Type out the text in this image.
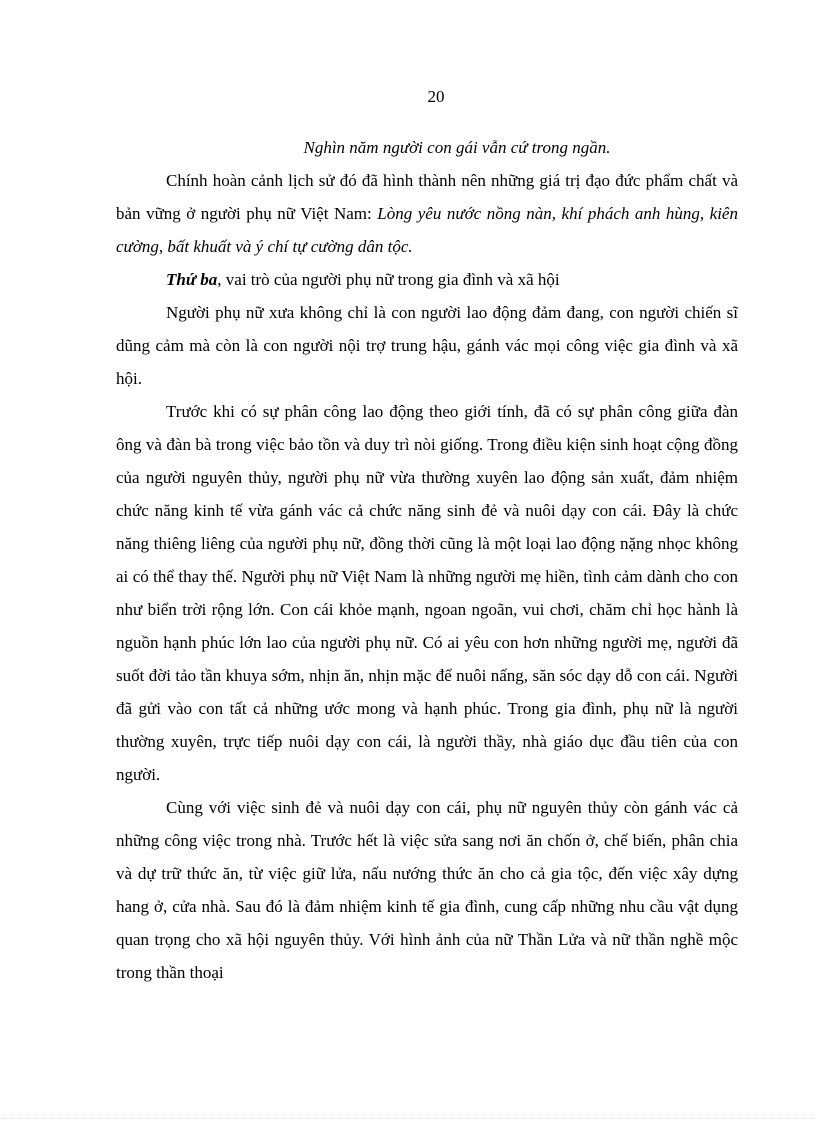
20

Nghìn năm người con gái vẫn cứ trong ngần.

Chính hoàn cảnh lịch sử đó đã hình thành nên những giá trị đạo đức phẩm chất và bản vững ở người phụ nữ Việt Nam: Lòng yêu nước nồng nàn, khí phách anh hùng, kiên cường, bất khuất và ý chí tự cường dân tộc.

Thứ ba, vai trò của người phụ nữ trong gia đình và xã hội

Người phụ nữ xưa không chỉ là con người lao động đảm đang, con người chiến sĩ dũng cảm mà còn là con người nội trợ trung hậu, gánh vác mọi công việc gia đình và xã hội.

Trước khi có sự phân công lao động theo giới tính, đã có sự phân công giữa đàn ông và đàn bà trong việc bảo tồn và duy trì nòi giống. Trong điều kiện sinh hoạt cộng đồng của người nguyên thủy, người phụ nữ vừa thường xuyên lao động sản xuất, đảm nhiệm chức năng kinh tế vừa gánh vác cả chức năng sinh đẻ và nuôi dạy con cái. Đây là chức năng thiêng liêng của người phụ nữ, đồng thời cũng là một loại lao động nặng nhọc không ai có thể thay thế. Người phụ nữ Việt Nam là những người mẹ hiền, tình cảm dành cho con như biển trời rộng lớn. Con cái khỏe mạnh, ngoan ngoãn, vui chơi, chăm chỉ học hành là nguồn hạnh phúc lớn lao của người phụ nữ. Có ai yêu con hơn những người mẹ, người đã suốt đời tảo tần khuya sớm, nhịn ăn, nhịn mặc để nuôi nấng, săn sóc dạy dỗ con cái. Người đã gửi vào con tất cả những ước mong và hạnh phúc. Trong gia đình, phụ nữ là người thường xuyên, trực tiếp nuôi dạy con cái, là người thầy, nhà giáo dục đầu tiên của con người.

Cùng với việc sinh đẻ và nuôi dạy con cái, phụ nữ nguyên thủy còn gánh vác cả những công việc trong nhà. Trước hết là việc sửa sang nơi ăn chốn ở, chế biến, phân chia và dự trữ thức ăn, từ việc giữ lửa, nấu nướng thức ăn cho cả gia tộc, đến việc xây dựng hang ở, cửa nhà. Sau đó là đảm nhiệm kinh tế gia đình, cung cấp những nhu cầu vật dụng quan trọng cho xã hội nguyên thủy. Với hình ảnh của nữ Thần Lửa và nữ thần nghề mộc trong thần thoại
